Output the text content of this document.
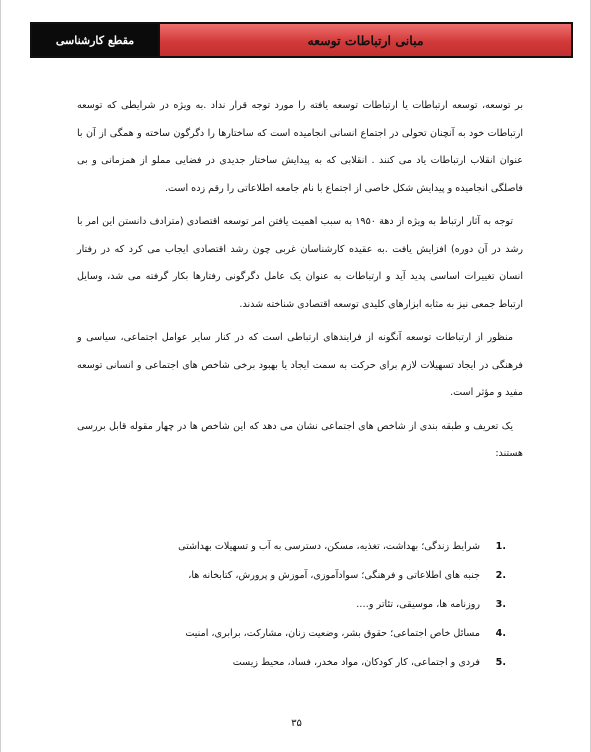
مقطع کارشناسی	مبانی ارتباطات توسعه

بر توسعه، توسعه ارتباطات یا ارتباطات توسعه یافته را مورد توجه قرار نداد .به ویژه در شرایطی که توسعه ارتباطات خود به آنچنان تحولی در اجتماع انسانی انجامیده است که ساختارها را دگرگون ساخته و همگی از آن با عنوان انقلاب ارتباطات یاد می کنند . انقلابی که به پیدایش ساختار جدیدی در فضایی مملو از همزمانی و بی فاصلگی انجامیده و پیدایش شکل خاصی از اجتماع با نام جامعه اطلاعاتی را رقم زده است.

توجه به آثار ارتباط به ویژه از دهة ۱۹۵۰ به سبب اهمیت یافتن امر توسعه اقتصادی (مترادف دانستن این امر با رشد در آن دوره) افزایش یافت .به عقیده کارشناسان غربی چون رشد اقتصادی ایجاب می کرد که در رفتار انسان تغییرات اساسی پدید آید و ارتباطات به عنوان یک عامل دگرگونی رفتارها بکار گرفته می شد، وسایل ارتباط جمعی نیز به مثابه ابزارهای کلیدی توسعه اقتصادی شناخته شدند.

منظور از ارتباطات توسعه آنگونه از فرایندهای ارتباطی است که در کنار سایر عوامل اجتماعی، سیاسی و فرهنگی در ایجاد تسهیلات لازم برای حرکت به سمت ایجاد یا بهبود برخی شاخص های اجتماعی و انسانی توسعه مفید و مؤثر است.

یک تعریف و طبقه بندی از شاخص های اجتماعی نشان می دهد که این شاخص ها در چهار مقوله قابل بررسی هستند:

.1
شرایط زندگی؛ بهداشت، تغذیه، مسکن، دسترسی به آب و تسهیلات بهداشتی
.2
جنبه های اطلاعاتی و فرهنگی؛ سوادآموزی، آموزش و پرورش، کتابخانه ها،
.3
روزنامه ها، موسیقی، تئاتر و….
.4
مسائل خاص اجتماعی؛ حقوق بشر، وضعیت زنان، مشارکت، برابری، امنیت
.5
فردی و اجتماعی، کار کودکان، مواد مخدر، فساد، محیط زیست
۳۵
